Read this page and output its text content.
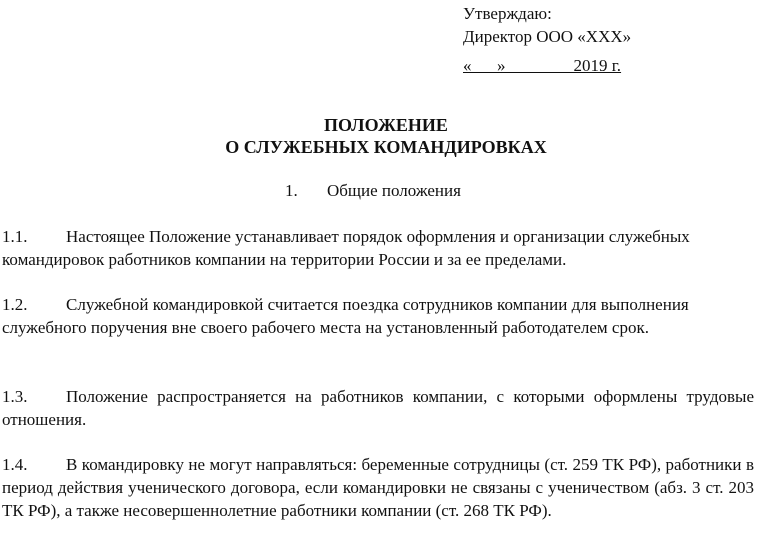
Утверждаю:
Директор ООО «XXX»
«___»________2019 г.
ПОЛОЖЕНИЕ
О СЛУЖЕБНЫХ КОМАНДИРОВКАХ
1. Общие положения
1.1.	Настоящее Положение устанавливает порядок оформления и организации служебных командировок работников компании на территории России и за ее пределами.
1.2.	Служебной командировкой считается поездка сотрудников компании для выполнения служебного поручения вне своего рабочего места на установленный работодателем срок.
1.3.	Положение распространяется на работников компании, с которыми оформлены трудовые отношения.
1.4.	В командировку не могут направляться: беременные сотрудницы (ст. 259 ТК РФ), работники в период действия ученического договора, если командировки не связаны с ученичеством (абз. 3 ст. 203 ТК РФ), а также несовершеннолетние работники компании (ст. 268 ТК РФ).
